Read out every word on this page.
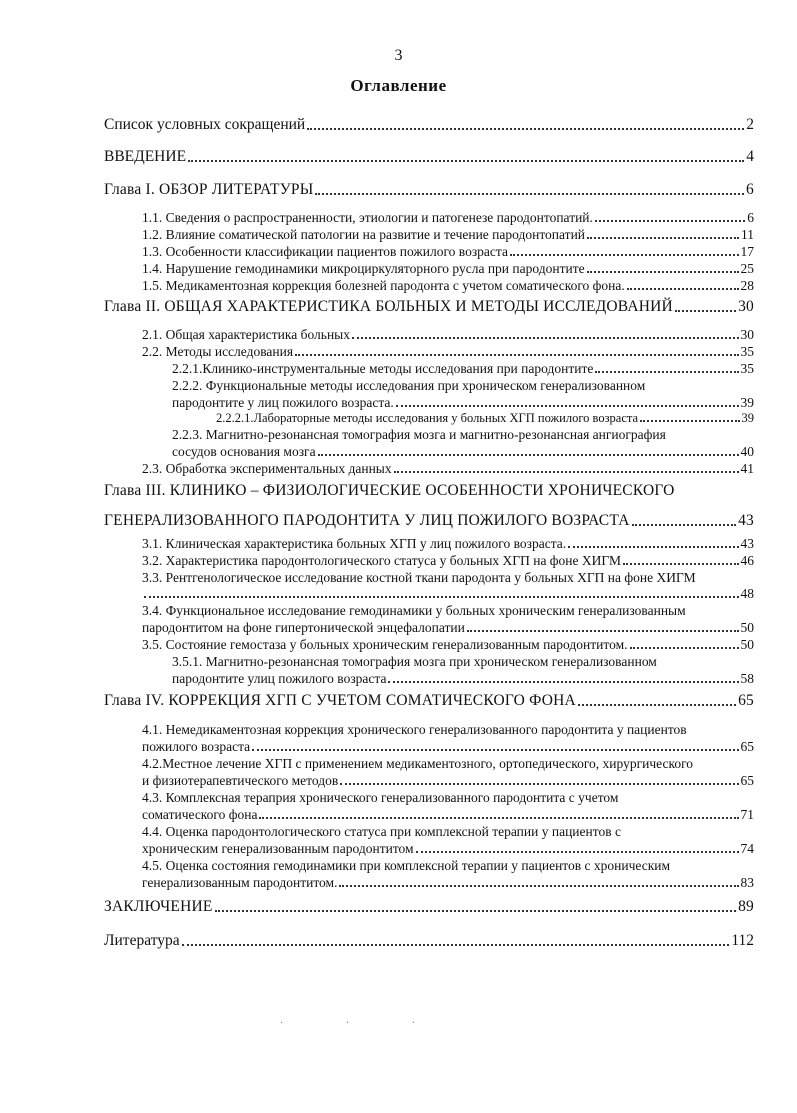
3
Оглавление
Список условных сокращений	2
ВВЕДЕНИЕ	4
Глава I. ОБЗОР ЛИТЕРАТУРЫ	6
1.1. Сведения о распространенности, этиологии и патогенезе пародонтопатий.	6
1.2. Влияние соматической патологии на развитие и течение пародонтопатий	11
1.3. Особенности классификации пациентов пожилого возраста	17
1.4. Нарушение гемодинамики микроциркуляторного русла при пародонтите	25
1.5. Медикаментозная коррекция болезней пародонта с учетом соматического фона.	28
Глава II. ОБЩАЯ ХАРАКТЕРИСТИКА БОЛЬНЫХ И МЕТОДЫ ИССЛЕДОВАНИЙ	30
2.1. Общая характеристика больных	30
2.2. Методы исследования	35
2.2.1.Клинико-инструментальные методы исследования при пародонтите	35
2.2.2. Функциональные методы исследования при хроническом генерализованном
пародонтите у лиц пожилого возраста.	39
2.2.2.1.Лабораторные методы исследования у больных ХГП пожилого возраста	39
2.2.3. Магнитно-резонансная томография мозга и магнитно-резонансная ангиография
сосудов основания мозга	40
2.3. Обработка экспериментальных данных	41
Глава III. КЛИНИКО – ФИЗИОЛОГИЧЕСКИЕ ОСОБЕННОСТИ ХРОНИЧЕСКОГО
ГЕНЕРАЛИЗОВАННОГО ПАРОДОНТИТА У ЛИЦ ПОЖИЛОГО ВОЗРАСТА	43
3.1. Клиническая характеристика больных ХГП у лиц пожилого возраста.	43
3.2. Характеристика пародонтологического статуса у больных ХГП на фоне ХИГМ	46
3.3. Рентгенологическое исследование костной ткани пародонта у больных ХГП на фоне ХИГМ
48
3.4. Функциональное исследование гемодинамики у больных хроническим генерализованным
пародонтитом на фоне гипертонической энцефалопатии	50
3.5. Состояние гемостаза у больных хроническим генерализованным пародонтитом.	50
3.5.1. Магнитно-резонансная томография мозга при хроническом генерализованном
пародонтите улиц пожилого возраста	58
Глава IV. КОРРЕКЦИЯ ХГП С УЧЕТОМ СОМАТИЧЕСКОГО ФОНА	65
4.1. Немедикаментозная коррекция хронического генерализованного пародонтита у пациентов
пожилого возраста	65
4.2.Местное лечение ХГП с применением медикаментозного, ортопедического, хирургического
и физиотерапевтического методов	65
4.3. Комплексная тераприя хронического генерализованного пародонтита с учетом
соматического фона	71
4.4. Оценка пародонтологического статуса при комплексной терапии у пациентов с
хроническим генерализованным пародонтитом	74
4.5. Оценка состояния гемодинамики при комплексной терапии у пациентов с хроническим
генерализованным пародонтитом.	83
ЗАКЛЮЧЕНИЕ	89
Литература	112
· · ·
